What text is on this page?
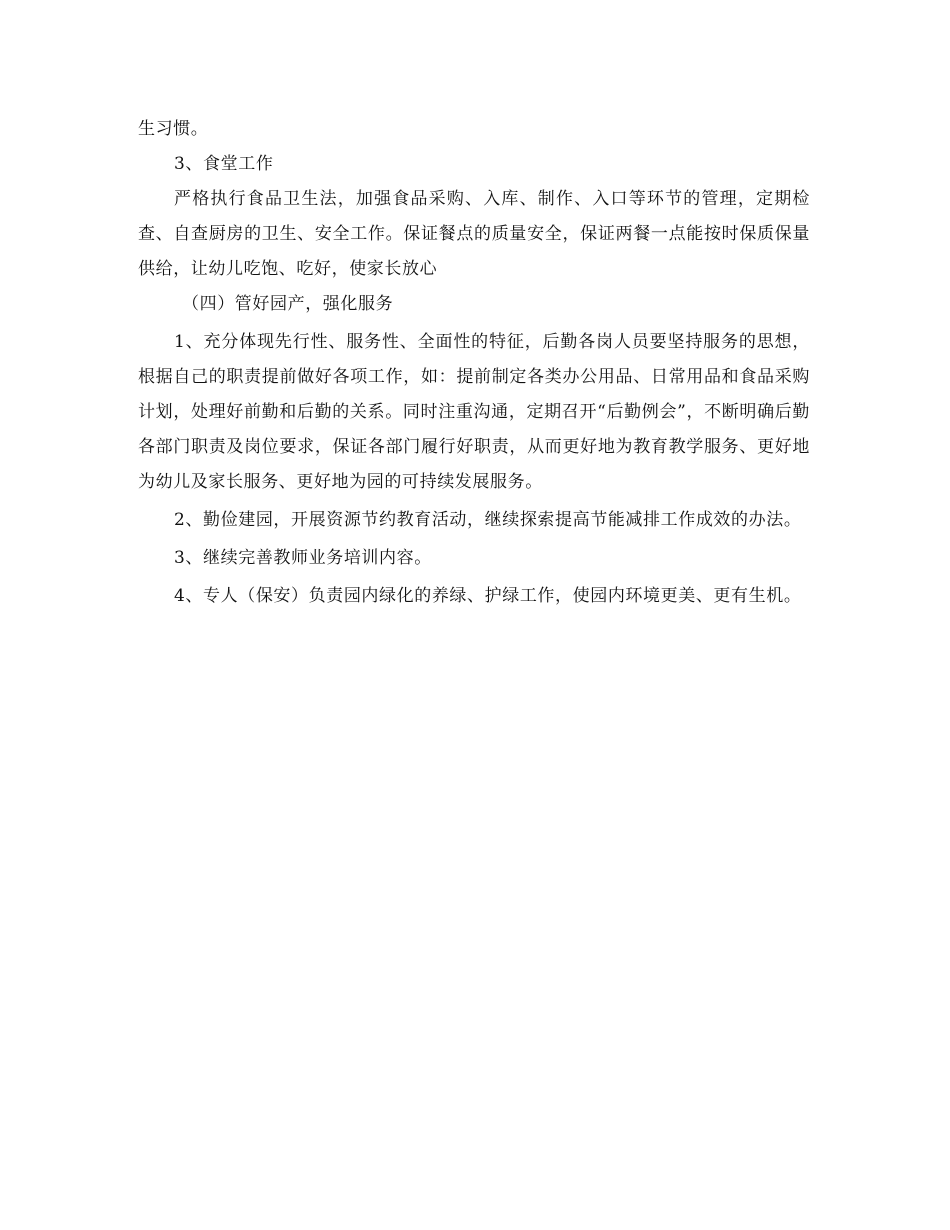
生习惯。

3、食堂工作

严格执行食品卫生法，加强食品采购、入库、制作、入口等环节的管理，定期检查、自查厨房的卫生、安全工作。保证餐点的质量安全，保证两餐一点能按时保质保量供给，让幼儿吃饱、吃好，使家长放心

（四）管好园产，强化服务

1、充分体现先行性、服务性、全面性的特征，后勤各岗人员要坚持服务的思想，根据自己的职责提前做好各项工作，如：提前制定各类办公用品、日常用品和食品采购计划，处理好前勤和后勤的关系。同时注重沟通，定期召开“后勤例会”，不断明确后勤各部门职责及岗位要求，保证各部门履行好职责，从而更好地为教育教学服务、更好地为幼儿及家长服务、更好地为园的可持续发展服务。

2、勤俭建园，开展资源节约教育活动，继续探索提高节能减排工作成效的办法。

3、继续完善教师业务培训内容。

4、专人（保安）负责园内绿化的养绿、护绿工作，使园内环境更美、更有生机。
